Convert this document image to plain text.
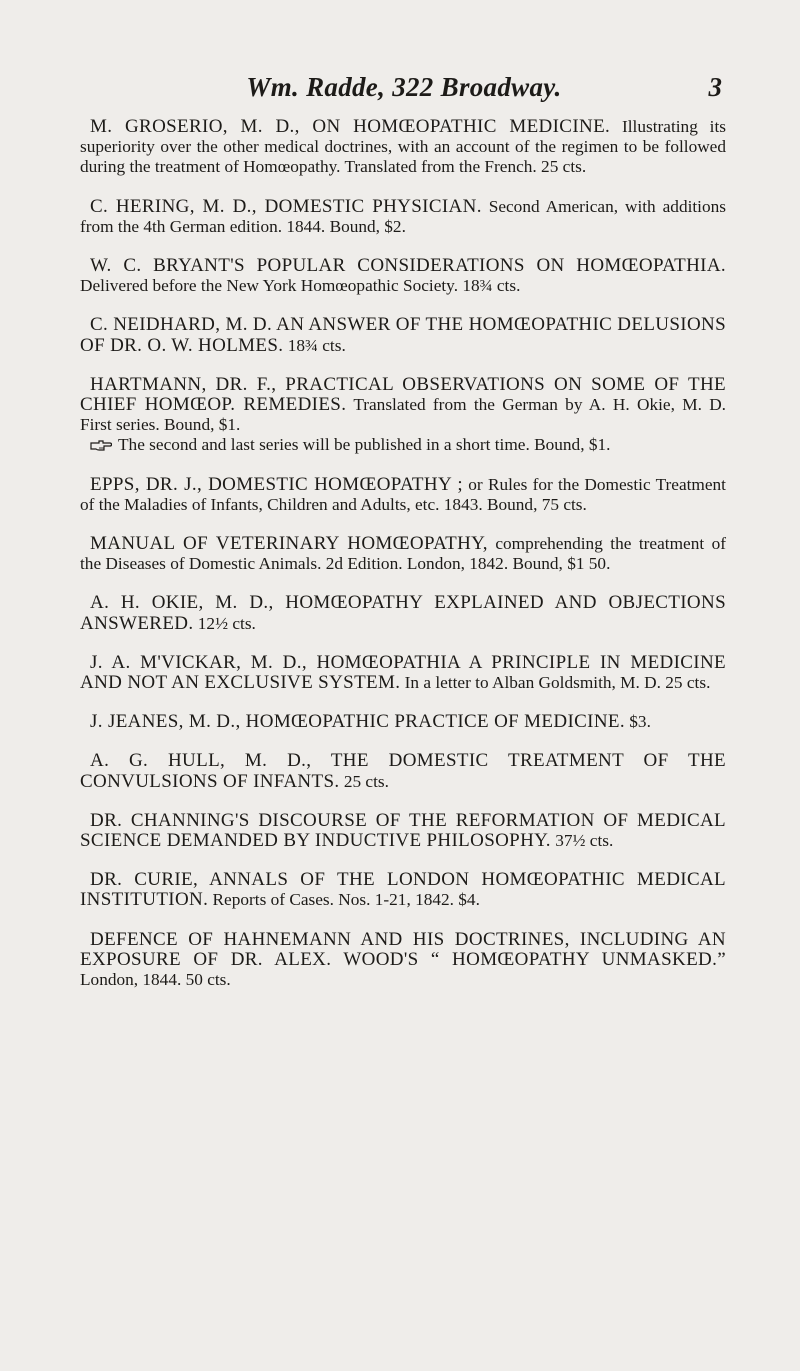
Wm. Radde, 322 Broadway.	3

M. GROSERIO, M. D., ON HOMŒOPATHIC MEDICINE. Illustrating its superiority over the other medical doctrines, with an account of the regimen to be followed during the treatment of Homœopathy. Translated from the French. 25 cts.

C. HERING, M. D., DOMESTIC PHYSICIAN. Second American, with additions from the 4th German edition. 1844. Bound, $2.

W. C. BRYANT'S POPULAR CONSIDERATIONS ON HOMŒOPATHIA. Delivered before the New York Homœopathic Society. 18¾ cts.

C. NEIDHARD, M. D. AN ANSWER OF THE HOMŒOPATHIC DELUSIONS OF DR. O. W. HOLMES. 18¾ cts.

HARTMANN, DR. F., PRACTICAL OBSERVATIONS ON SOME OF THE CHIEF HOMŒOP. REMEDIES. Translated from the German by A. H. Okie, M. D. First series. Bound, $1.
The second and last series will be published in a short time. Bound, $1.

EPPS, DR. J., DOMESTIC HOMŒOPATHY ; or Rules for the Domestic Treatment of the Maladies of Infants, Children and Adults, etc. 1843. Bound, 75 cts.

MANUAL OF VETERINARY HOMŒOPATHY, comprehending the treatment of the Diseases of Domestic Animals. 2d Edition. London, 1842. Bound, $1 50.

A. H. OKIE, M. D., HOMŒOPATHY EXPLAINED AND OBJECTIONS ANSWERED. 12½ cts.

J. A. M'VICKAR, M. D., HOMŒOPATHIA A PRINCIPLE IN MEDICINE AND NOT AN EXCLUSIVE SYSTEM. In a letter to Alban Goldsmith, M. D. 25 cts.

J. JEANES, M. D., HOMŒOPATHIC PRACTICE OF MEDICINE. $3.

A. G. HULL, M. D., THE DOMESTIC TREATMENT OF THE CONVULSIONS OF INFANTS. 25 cts.

DR. CHANNING'S DISCOURSE OF THE REFORMATION OF MEDICAL SCIENCE DEMANDED BY INDUCTIVE PHILOSOPHY. 37½ cts.

DR. CURIE, ANNALS OF THE LONDON HOMŒOPATHIC MEDICAL INSTITUTION. Reports of Cases. Nos. 1-21, 1842. $4.

DEFENCE OF HAHNEMANN AND HIS DOCTRINES, INCLUDING AN EXPOSURE OF DR. ALEX. WOOD'S “ HOMŒOPATHY UNMASKED.” London, 1844. 50 cts.
